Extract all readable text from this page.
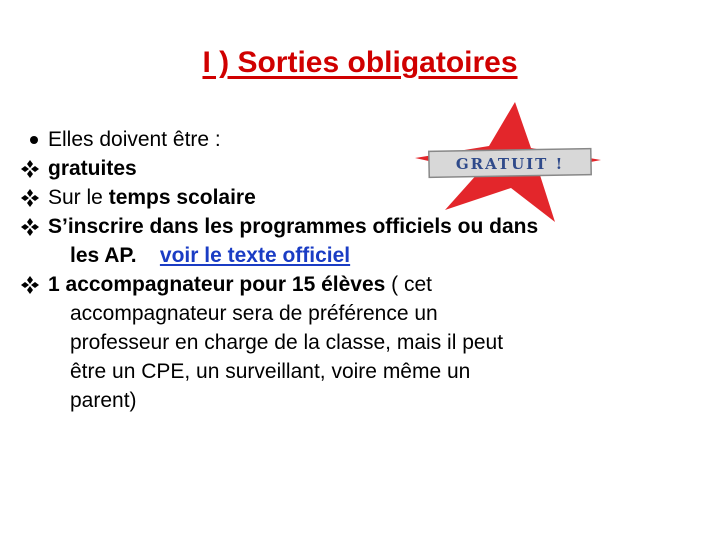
I ) Sorties obligatoires
GRATUIT !
Elles doivent être :
gratuites
Sur le temps scolaire
S’inscrire dans les programmes officiels ou dans
les AP. voir le texte officiel
1 accompagnateur pour 15 élèves ( cet
accompagnateur sera de préférence un
professeur en charge de la classe, mais il peut
être un CPE, un surveillant, voire même un
parent)
